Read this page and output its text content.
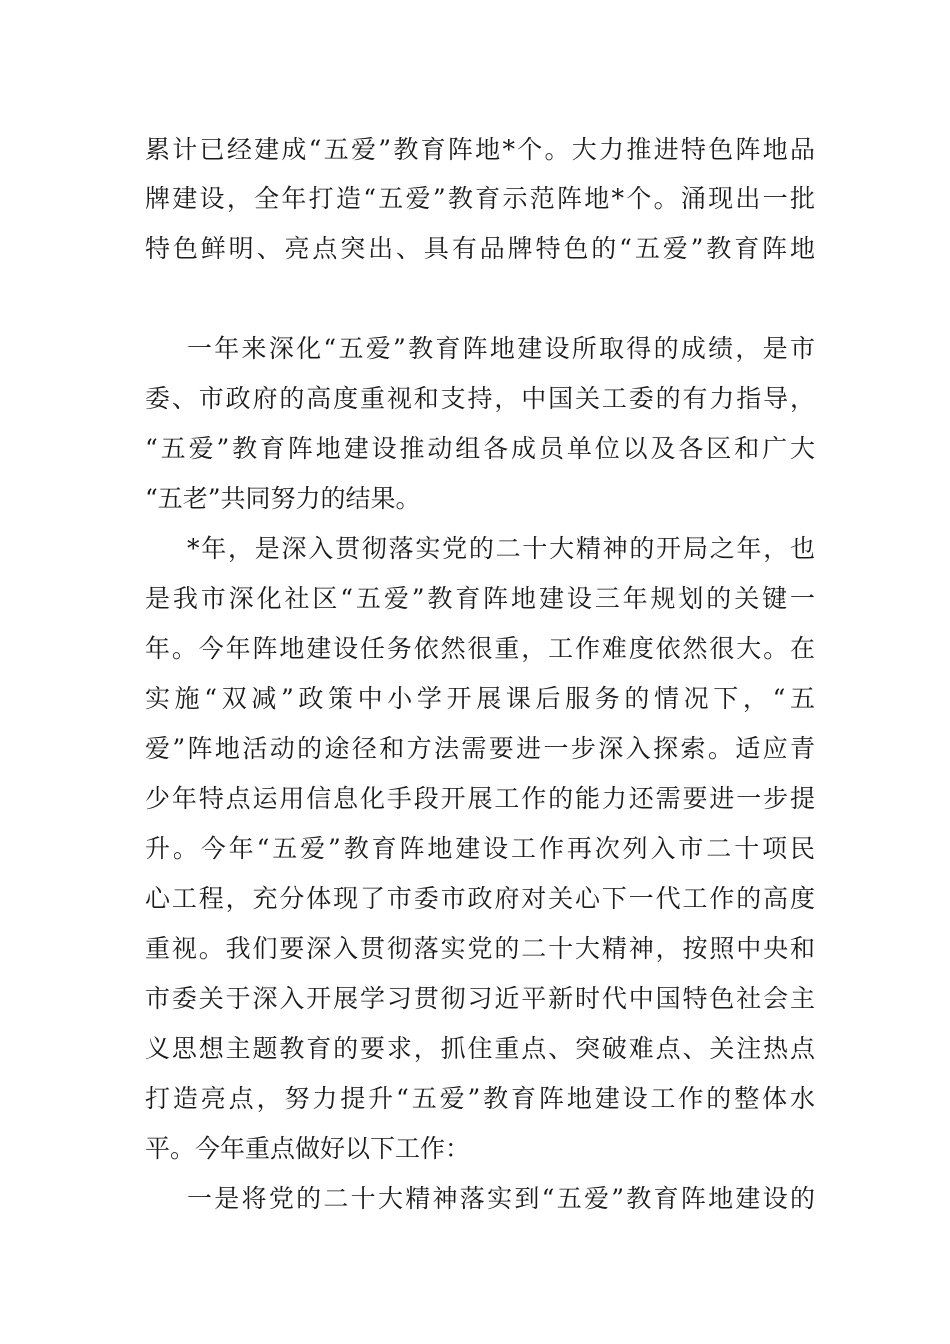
累计已经建成“五爱”教育阵地*个。大力推进特色阵地品
牌建设，全年打造“五爱”教育示范阵地*个。涌现出一批
特色鲜明、亮点突出、具有品牌特色的“五爱”教育阵地
一年来深化“五爱”教育阵地建设所取得的成绩，是市
委、市政府的高度重视和支持，中国关工委的有力指导，
“五爱”教育阵地建设推动组各成员单位以及各区和广大
“五老”共同努力的结果。
*年，是深入贯彻落实党的二十大精神的开局之年，也
是我市深化社区“五爱”教育阵地建设三年规划的关键一
年。今年阵地建设任务依然很重，工作难度依然很大。在
实施“双减”政策中小学开展课后服务的情况下，“五
爱”阵地活动的途径和方法需要进一步深入探索。适应青
少年特点运用信息化手段开展工作的能力还需要进一步提
升。今年“五爱”教育阵地建设工作再次列入市二十项民
心工程，充分体现了市委市政府对关心下一代工作的高度
重视。我们要深入贯彻落实党的二十大精神，按照中央和
市委关于深入开展学习贯彻习近平新时代中国特色社会主
义思想主题教育的要求，抓住重点、突破难点、关注热点
打造亮点，努力提升“五爱”教育阵地建设工作的整体水
平。今年重点做好以下工作：
一是将党的二十大精神落实到“五爱”教育阵地建设的
